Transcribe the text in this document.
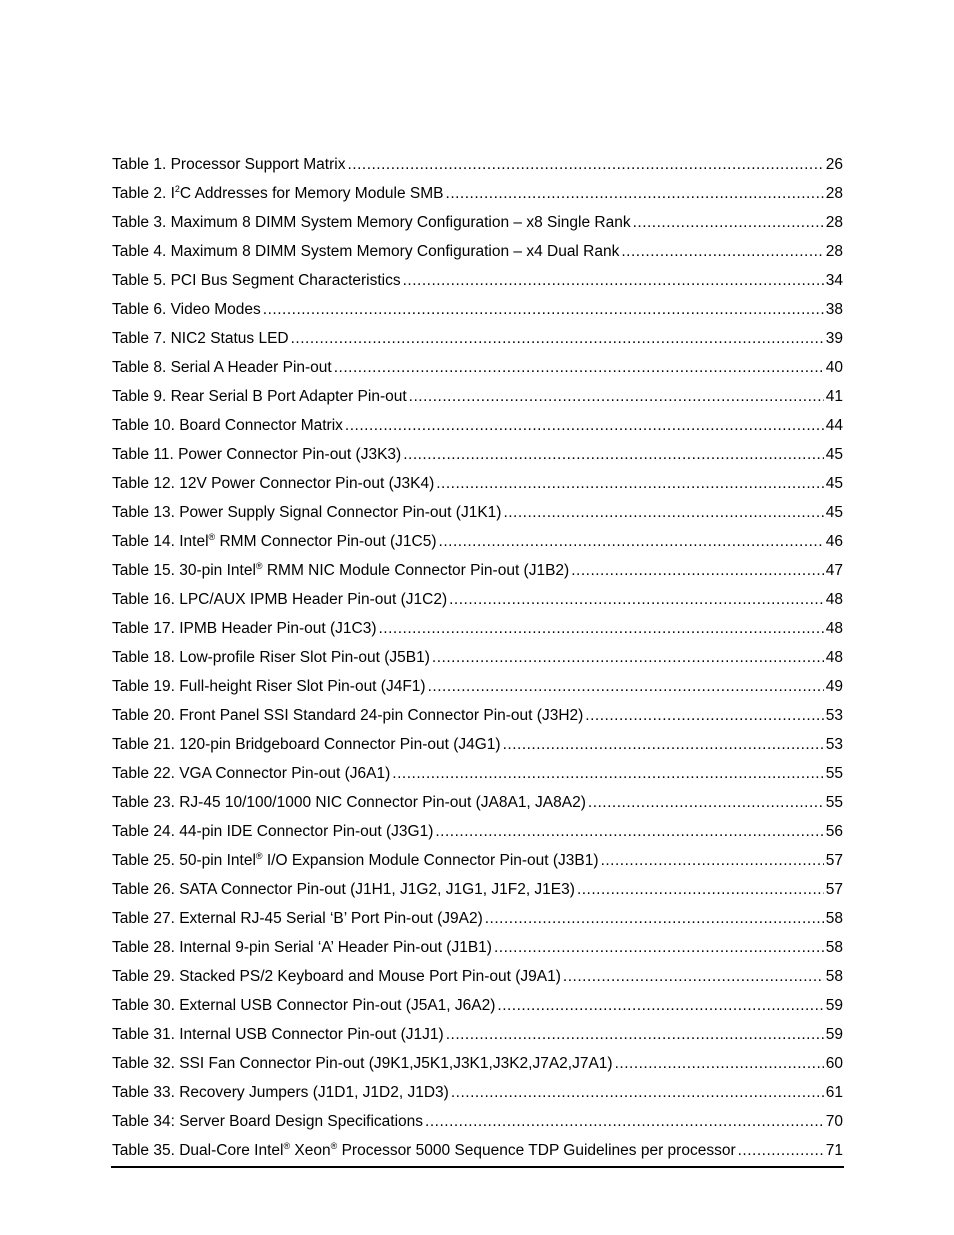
Table 1. Processor Support Matrix .....	26
Table 2. $I^2C$ Addresses for Memory Module SMB .....	28
Table 3. Maximum 8 DIMM System Memory Configuration – x8 Single Rank .....	28
Table 4. Maximum 8 DIMM System Memory Configuration – x4 Dual Rank .....	28
Table 5. PCI Bus Segment Characteristics .....	34
Table 6. Video Modes .....	38
Table 7. NIC2 Status LED .....	39
Table 8. Serial A Header Pin-out .....	40
Table 9. Rear Serial B Port Adapter Pin-out .....	41
Table 10. Board Connector Matrix .....	44
Table 11. Power Connector Pin-out (J3K3) .....	45
Table 12. 12V Power Connector Pin-out (J3K4) .....	45
Table 13. Power Supply Signal Connector Pin-out (J1K1) .....	45
Table 14. Intel® RMM Connector Pin-out (J1C5) .....	46
Table 15. 30-pin Intel® RMM NIC Module Connector Pin-out (J1B2) .....	47
Table 16. LPC/AUX IPMB Header Pin-out (J1C2) .....	48
Table 17. IPMB Header Pin-out (J1C3) .....	48
Table 18. Low-profile Riser Slot Pin-out (J5B1) .....	48
Table 19. Full-height Riser Slot Pin-out (J4F1) .....	49
Table 20. Front Panel SSI Standard 24-pin Connector Pin-out (J3H2) .....	53
Table 21. 120-pin Bridgeboard Connector Pin-out (J4G1) .....	53
Table 22. VGA Connector Pin-out (J6A1) .....	55
Table 23. RJ-45 10/100/1000 NIC Connector Pin-out (JA8A1, JA8A2) .....	55
Table 24. 44-pin IDE Connector Pin-out (J3G1) .....	56
Table 25. 50-pin Intel® I/O Expansion Module Connector Pin-out (J3B1) .....	57
Table 26. SATA Connector Pin-out (J1H1, J1G2, J1G1, J1F2, J1E3) .....	57
Table 27. External RJ-45 Serial ‘B’ Port Pin-out (J9A2) .....	58
Table 28. Internal 9-pin Serial ‘A’ Header Pin-out (J1B1) .....	58
Table 29. Stacked PS/2 Keyboard and Mouse Port Pin-out (J9A1) .....	58
Table 30. External USB Connector Pin-out (J5A1, J6A2) .....	59
Table 31. Internal USB Connector Pin-out (J1J1) .....	59
Table 32. SSI Fan Connector Pin-out (J9K1,J5K1,J3K1,J3K2,J7A2,J7A1) .....	60
Table 33. Recovery Jumpers (J1D1, J1D2, J1D3) .....	61
Table 34: Server Board Design Specifications .....	70
Table 35. Dual-Core Intel® Xeon® Processor 5000 Sequence TDP Guidelines per processor .....	71
